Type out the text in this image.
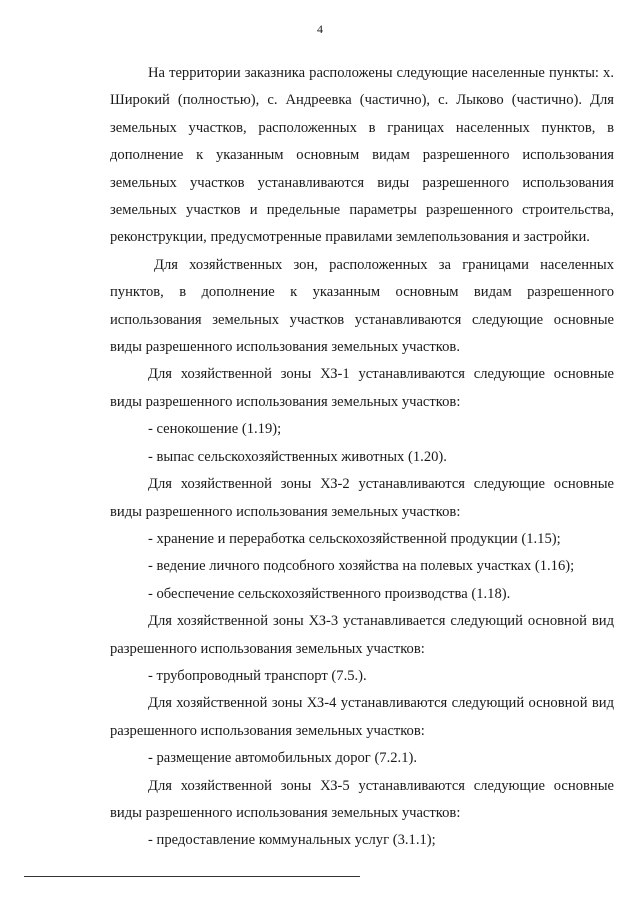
4

На территории заказника расположены следующие населенные пункты: х. Широкий (полностью), с. Андреевка (частично), с. Лыково (частично). Для земельных участков, расположенных в границах населенных пунктов, в дополнение к указанным основным видам разрешенного использования земельных участков устанавливаются виды разрешенного использования земельных участков и предельные параметры разрешенного строительства, реконструкции, предусмотренные правилами землепользования и застройки.

Для хозяйственных зон, расположенных за границами населенных пунктов, в дополнение к указанным основным видам разрешенного использования земельных участков устанавливаются следующие основные виды разрешенного использования земельных участков.

Для хозяйственной зоны ХЗ-1 устанавливаются следующие основные виды разрешенного использования земельных участков:

- сенокошение (1.19);

- выпас сельскохозяйственных животных (1.20).

Для хозяйственной зоны ХЗ-2 устанавливаются следующие основные виды разрешенного использования земельных участков:

- хранение и переработка сельскохозяйственной продукции (1.15);

- ведение личного подсобного хозяйства на полевых участках (1.16);

- обеспечение сельскохозяйственного производства (1.18).

Для хозяйственной зоны ХЗ-3 устанавливается следующий основной вид разрешенного использования земельных участков:

- трубопроводный транспорт (7.5.).

Для хозяйственной зоны ХЗ-4 устанавливаются следующий основной вид разрешенного использования земельных участков:

- размещение автомобильных дорог (7.2.1).

Для хозяйственной зоны ХЗ-5 устанавливаются следующие основные виды разрешенного использования земельных участков:

- предоставление коммунальных услуг (3.1.1);
